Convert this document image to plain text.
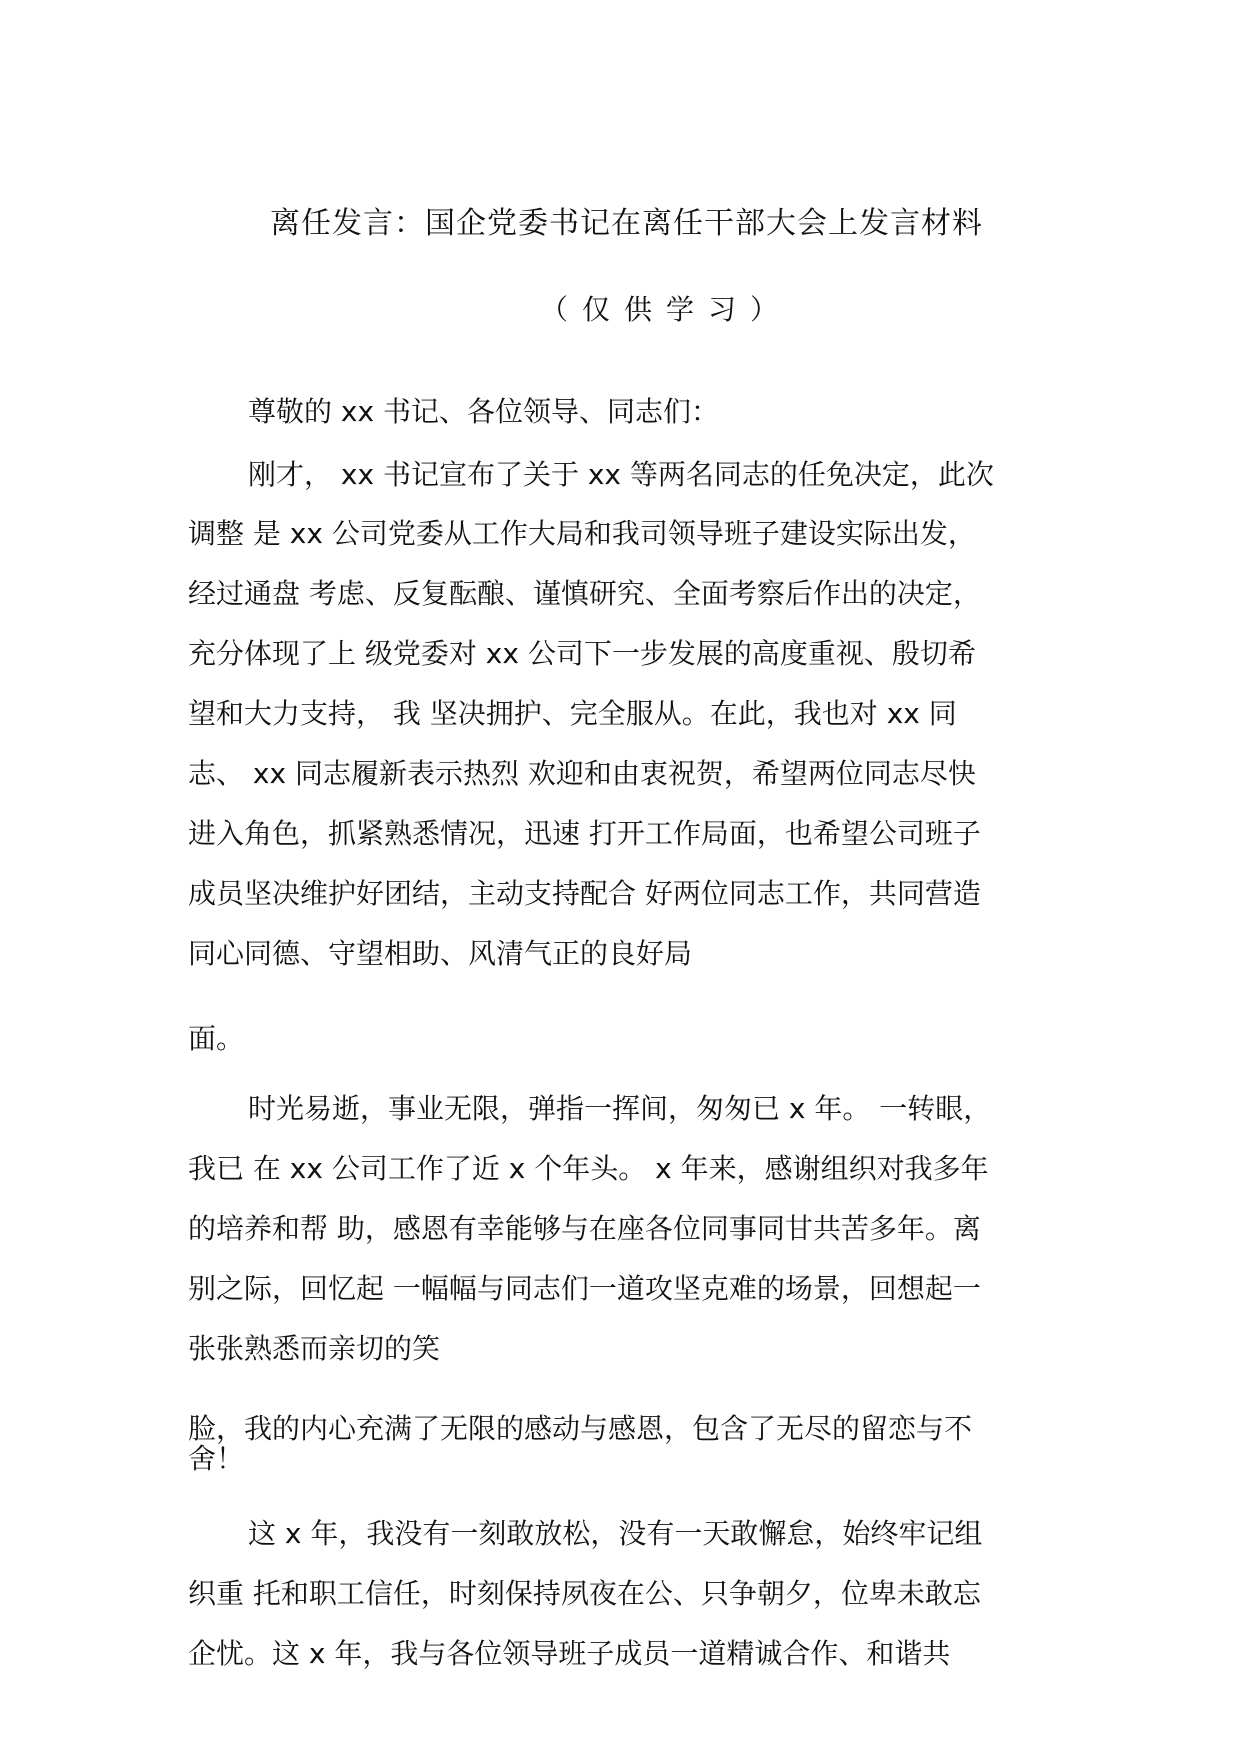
离任发言：国企党委书记在离任干部大会上发言材料
（仅供学习）
尊敬的 xx 书记、各位领导、同志们：
刚才， xx 书记宣布了关于 xx 等两名同志的任免决定，此次
调整 是 xx 公司党委从工作大局和我司领导班子建设实际出发，
经过通盘 考虑、反复酝酿、谨慎研究、全面考察后作出的决定，
充分体现了上 级党委对 xx 公司下一步发展的高度重视、殷切希
望和大力支持， 我 坚决拥护、完全服从。在此，我也对 xx 同
志、 xx 同志履新表示热烈 欢迎和由衷祝贺，希望两位同志尽快
进入角色，抓紧熟悉情况，迅速 打开工作局面，也希望公司班子
成员坚决维护好团结，主动支持配合 好两位同志工作，共同营造
同心同德、守望相助、风清气正的良好局
面。
时光易逝，事业无限，弹指一挥间，匆匆已 x 年。 一转眼，
我已 在 xx 公司工作了近 x 个年头。 x 年来，感谢组织对我多年
的培养和帮 助，感恩有幸能够与在座各位同事同甘共苦多年。离
别之际，回忆起 一幅幅与同志们一道攻坚克难的场景，回想起一
张张熟悉而亲切的笑
脸，我的内心充满了无限的感动与感恩，包含了无尽的留恋与不
舍！
这 x 年，我没有一刻敢放松，没有一天敢懈怠，始终牢记组
织重 托和职工信任，时刻保持夙夜在公、只争朝夕，位卑未敢忘
企忧。这 x 年，我与各位领导班子成员一道精诚合作、和谐共
